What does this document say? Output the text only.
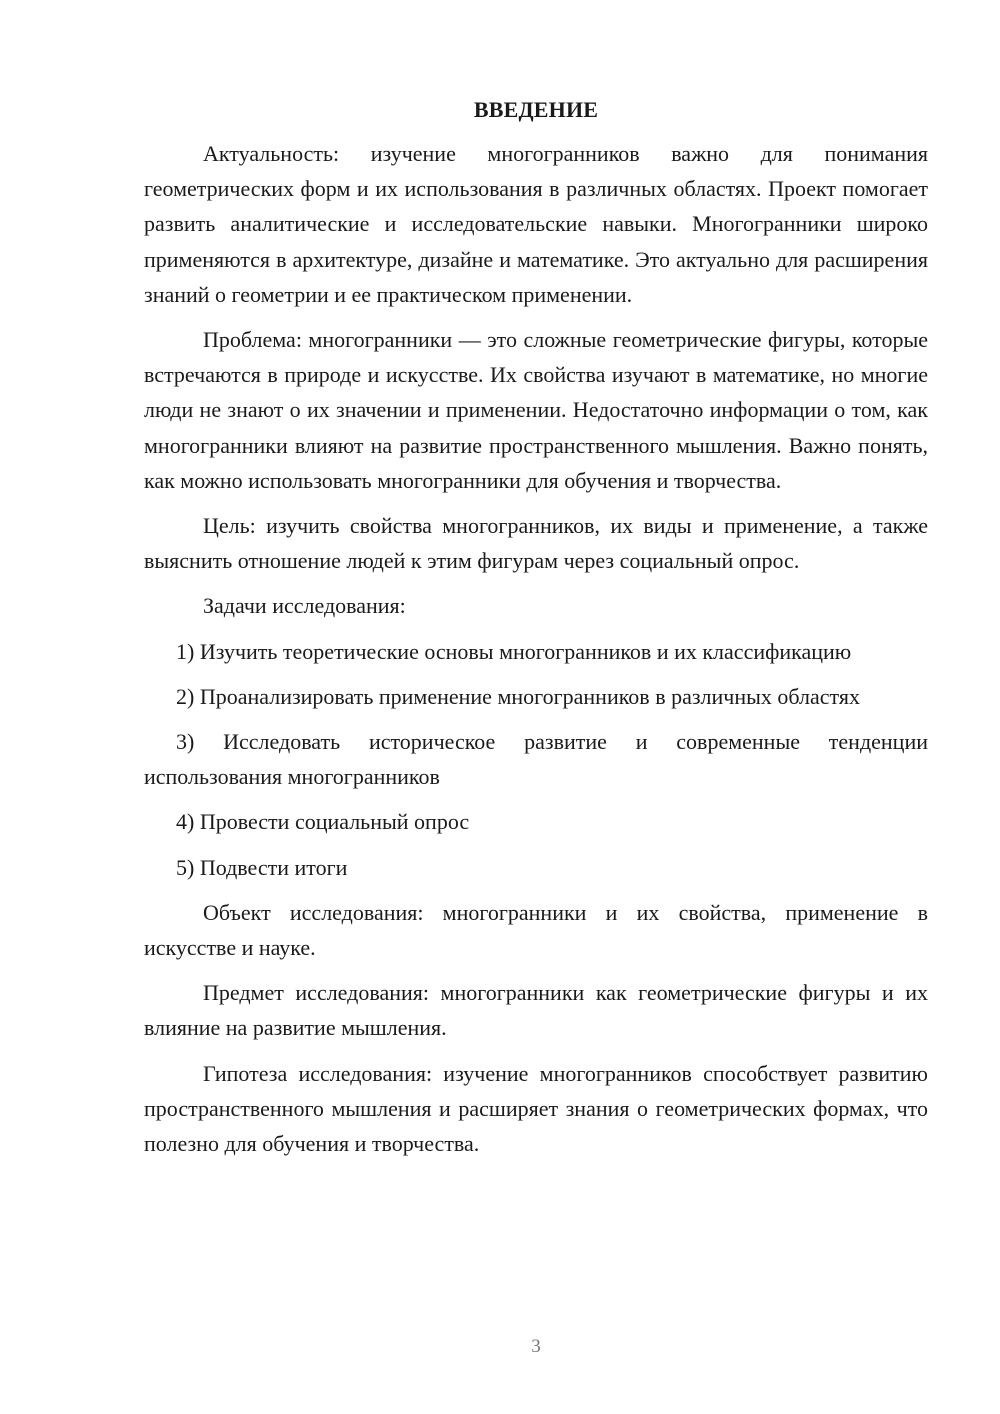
ВВЕДЕНИЕ

Актуальность: изучение многогранников важно для понимания геометрических форм и их использования в различных областях. Проект помогает развить аналитические и исследовательские навыки. Многогранники широко применяются в архитектуре, дизайне и математике. Это актуально для расширения знаний о геометрии и ее практическом применении.

Проблема: многогранники — это сложные геометрические фигуры, которые встречаются в природе и искусстве. Их свойства изучают в математике, но многие люди не знают о их значении и применении. Недостаточно информации о том, как многогранники влияют на развитие пространственного мышления. Важно понять, как можно использовать многогранники для обучения и творчества.

Цель: изучить свойства многогранников, их виды и применение, а также выяснить отношение людей к этим фигурам через социальный опрос.

Задачи исследования:

1) Изучить теоретические основы многогранников и их классификацию

2) Проанализировать применение многогранников в различных областях

3) Исследовать историческое развитие и современные тенденции использования многогранников

4) Провести социальный опрос

5) Подвести итоги

Объект исследования: многогранники и их свойства, применение в искусстве и науке.

Предмет исследования: многогранники как геометрические фигуры и их влияние на развитие мышления.

Гипотеза исследования: изучение многогранников способствует развитию пространственного мышления и расширяет знания о геометрических формах, что полезно для обучения и творчества.

3
